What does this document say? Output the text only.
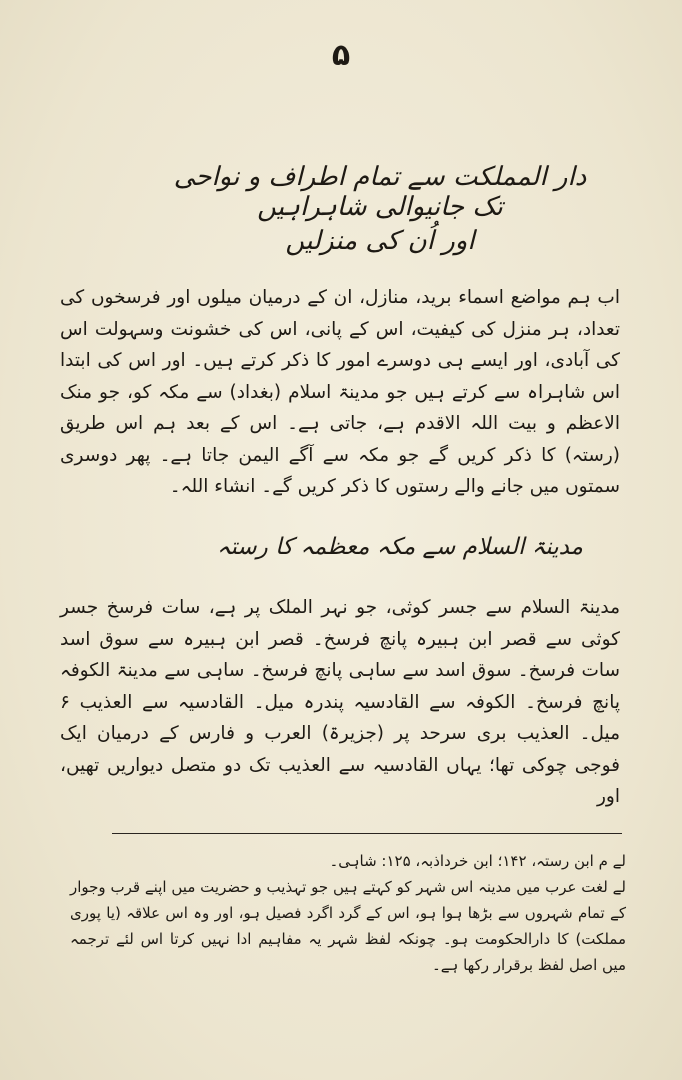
۵
دار المملکت سے تمام اطراف و نواحی تک جانیوالی شاہراہیں
اور اُن کی منزلیں

اب ہم مواضع اسماء برید، منازل، ان کے درمیان میلوں اور فرسخوں کی تعداد، ہر منزل کی کیفیت، اس کے پانی، اس کی خشونت وسہولت اس کی آبادی، اور ایسے ہی دوسرے امور کا ذکر کرتے ہیں۔ اور اس کی ابتدا اس شاہراہ سے کرتے ہیں جو مدینۃ اسلام (بغداد) سے مکہ کو، جو منک الاعظم و بیت اللہ الاقدم ہے، جاتی ہے۔ اس کے بعد ہم اس طریق (رستہ) کا ذکر کریں گے جو مکہ سے آگے الیمن جاتا ہے۔ پھر دوسری سمتوں میں جانے والے رستوں کا ذکر کریں گے۔ انشاء اللہ۔

مدینۃ السلام سے مکہ معظمہ کا رستہ

مدینۃ السلام سے جسر کوثی، جو نہر الملک پر ہے، سات فرسخ جسر کوثی سے قصر ابن ہبیرہ پانچ فرسخ۔ قصر ابن ہبیرہ سے سوق اسد سات فرسخ۔ سوق اسد سے ساہی پانچ فرسخ۔ ساہی سے مدینۃ الکوفہ پانچ فرسخ۔ الکوفہ سے القادسیہ پندرہ میل۔ القادسیہ سے العذیب ۶ میل۔ العذیب بری سرحد پر (جزیرۃ) العرب و فارس کے درمیان ایک فوجی چوکی تھا؛ یہاں القادسیہ سے العذیب تک دو متصل دیواریں تھیں، اور

لے م ابن رستہ، ۱۴۲؛ ابن خرداذبہ، ۱۲۵: شاہی۔
لے لغت عرب میں مدینہ اس شہر کو کہتے ہیں جو تہذیب و حضریت میں اپنے قرب وجوار کے تمام شہروں سے بڑھا ہوا ہو، اس کے گرد اگرد فصیل ہو، اور وہ اس علاقہ (یا پوری مملکت) کا دارالحکومت ہو۔ چونکہ لفظ شہر یہ مفاہیم ادا نہیں کرتا اس لئے ترجمہ میں اصل لفظ برقرار رکھا ہے۔
